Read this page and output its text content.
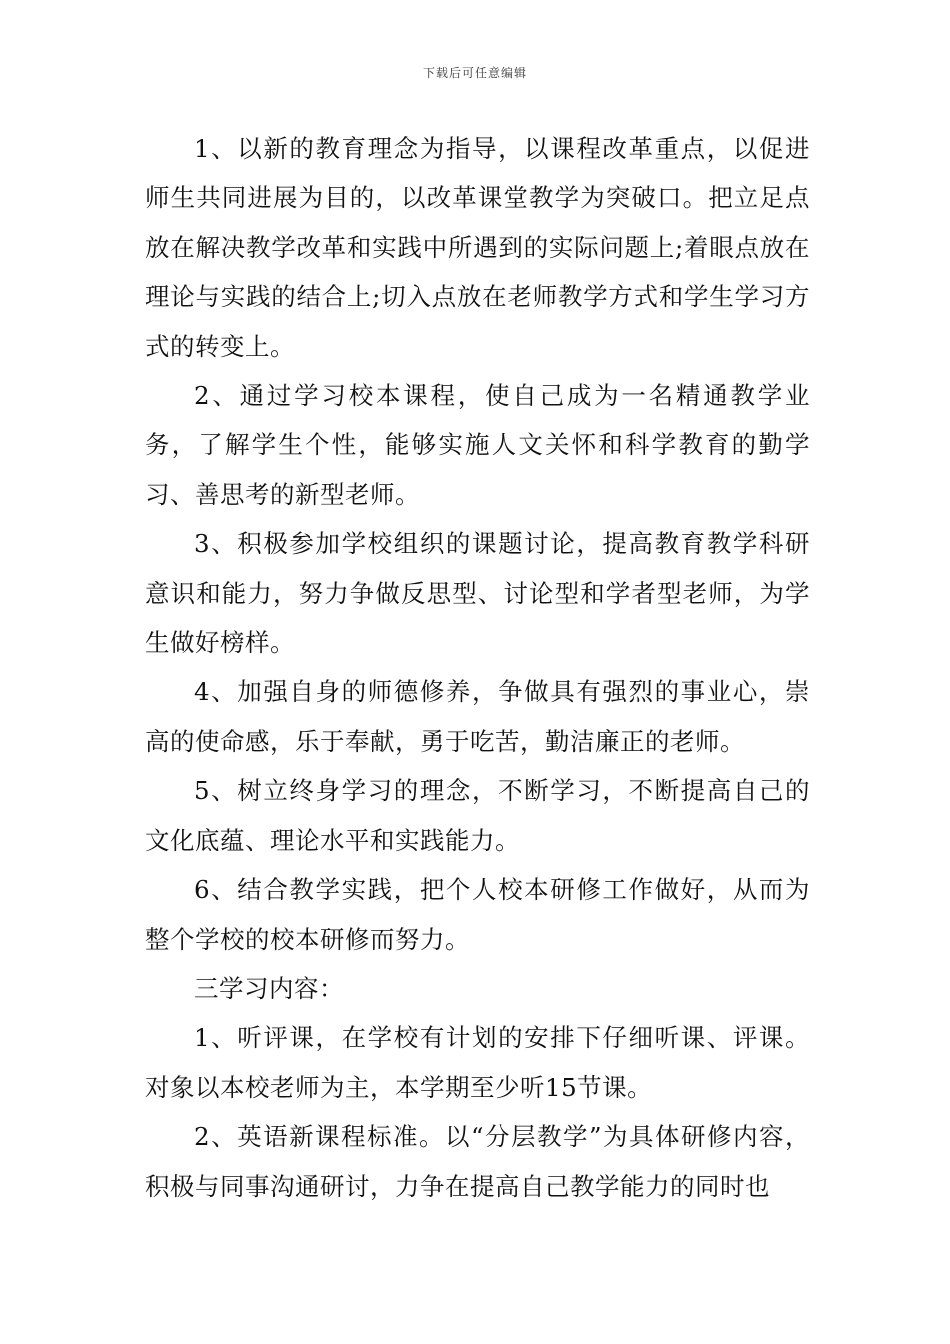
下载后可任意编辑

1、以新的教育理念为指导，以课程改革重点，以促进师生共同进展为目的，以改革课堂教学为突破口。把立足点放在解决教学改革和实践中所遇到的实际问题上;着眼点放在理论与实践的结合上;切入点放在老师教学方式和学生学习方式的转变上。

2、通过学习校本课程，使自己成为一名精通教学业务，了解学生个性，能够实施人文关怀和科学教育的勤学习、善思考的新型老师。

3、积极参加学校组织的课题讨论，提高教育教学科研意识和能力，努力争做反思型、讨论型和学者型老师，为学生做好榜样。

4、加强自身的师德修养，争做具有强烈的事业心，崇高的使命感，乐于奉献，勇于吃苦，勤洁廉正的老师。

5、树立终身学习的理念，不断学习，不断提高自己的文化底蕴、理论水平和实践能力。

6、结合教学实践，把个人校本研修工作做好，从而为整个学校的校本研修而努力。

三学习内容：

1、听评课，在学校有计划的安排下仔细听课、评课。对象以本校老师为主，本学期至少听15节课。

2、英语新课程标准。以“分层教学”为具体研修内容，积极与同事沟通研讨，力争在提高自己教学能力的同时也
